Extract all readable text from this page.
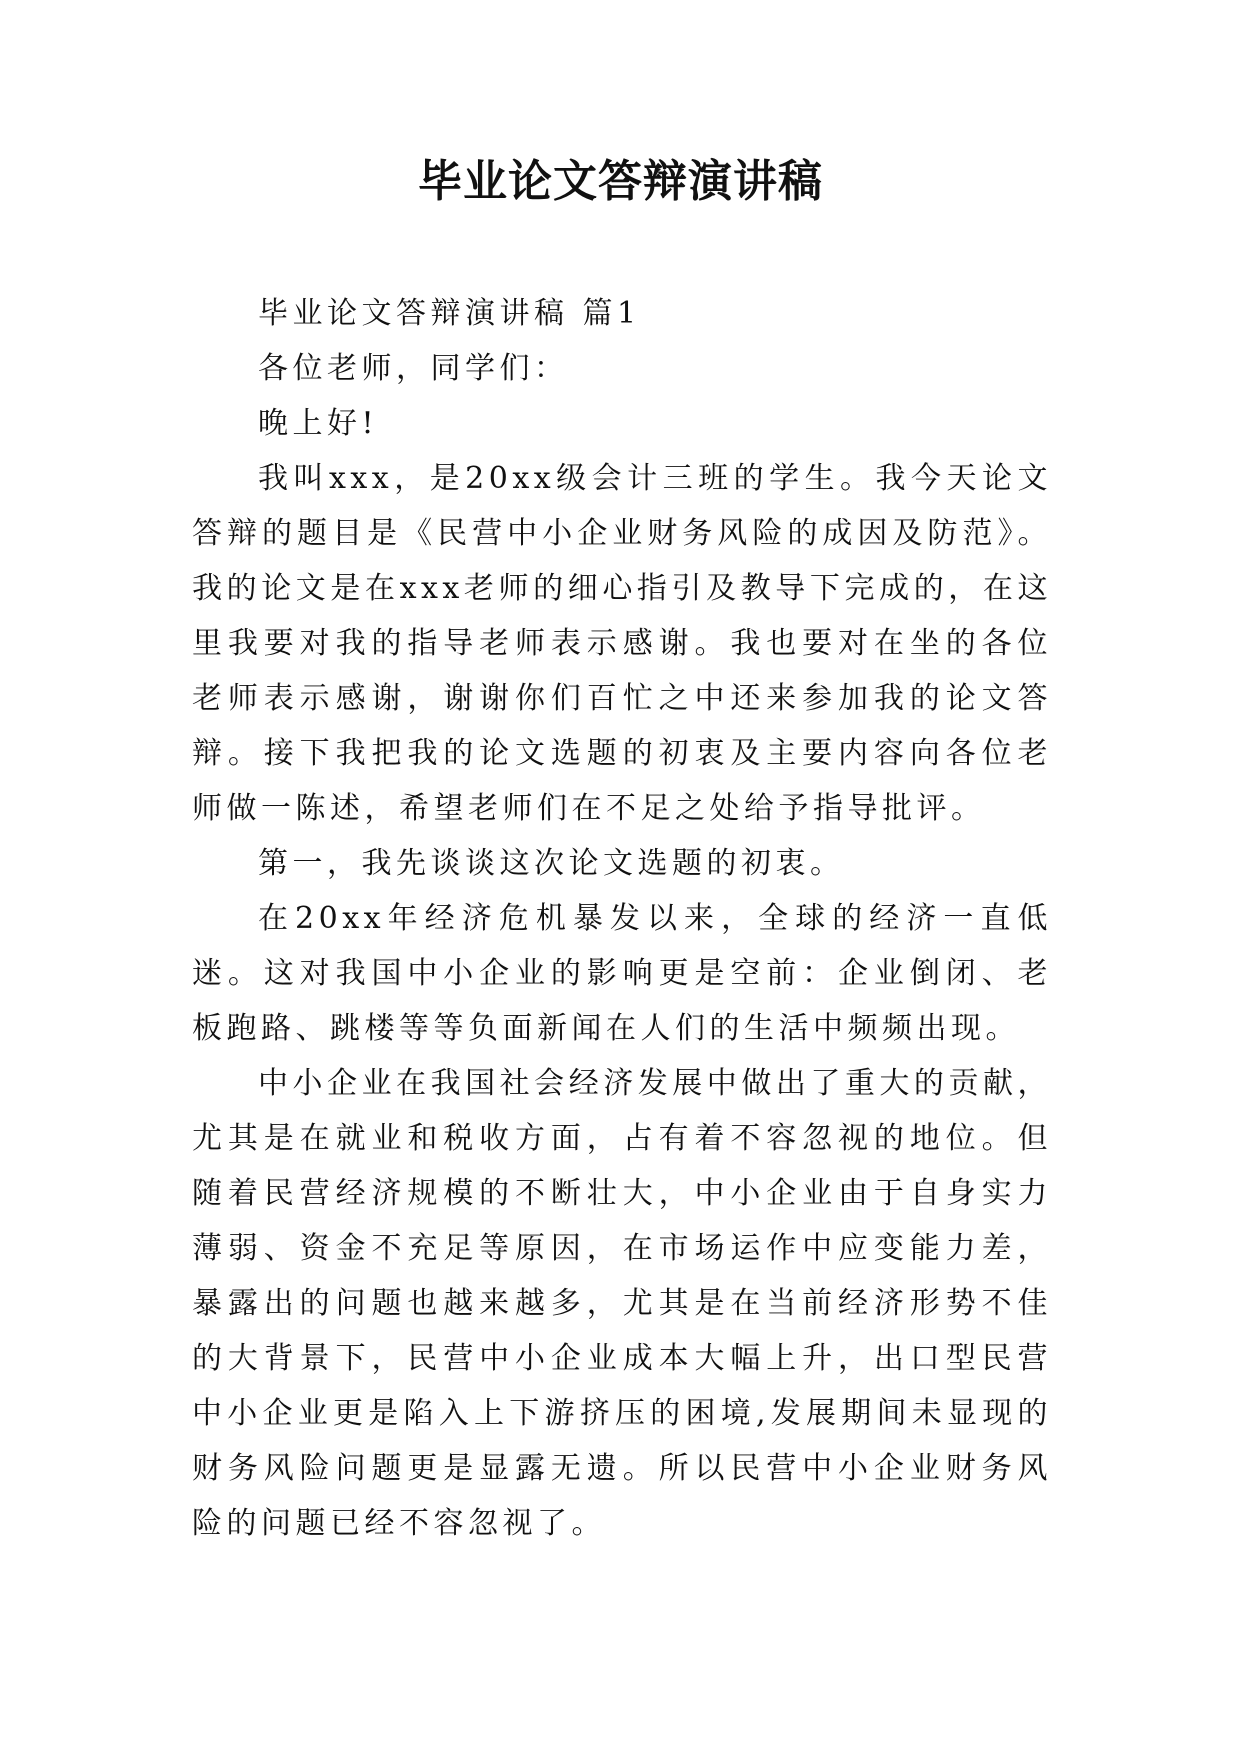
毕业论文答辩演讲稿

毕业论文答辩演讲稿 篇1

各位老师，同学们：

晚上好!

我叫xxx，是20xx级会计三班的学生。我今天论文答辩的题目是《民营中小企业财务风险的成因及防范》。我的论文是在xxx老师的细心指引及教导下完成的，在这里我要对我的指导老师表示感谢。我也要对在坐的各位老师表示感谢，谢谢你们百忙之中还来参加我的论文答辩。接下我把我的论文选题的初衷及主要内容向各位老师做一陈述，希望老师们在不足之处给予指导批评。

第一，我先谈谈这次论文选题的初衷。

在20xx年经济危机暴发以来，全球的经济一直低迷。这对我国中小企业的影响更是空前：企业倒闭、老板跑路、跳楼等等负面新闻在人们的生活中频频出现。

中小企业在我国社会经济发展中做出了重大的贡献，尤其是在就业和税收方面，占有着不容忽视的地位。但随着民营经济规模的不断壮大，中小企业由于自身实力薄弱、资金不充足等原因，在市场运作中应变能力差，暴露出的问题也越来越多，尤其是在当前经济形势不佳的大背景下，民营中小企业成本大幅上升，出口型民营中小企业更是陷入上下游挤压的困境,发展期间未显现的财务风险问题更是显露无遗。所以民营中小企业财务风险的问题已经不容忽视了。
